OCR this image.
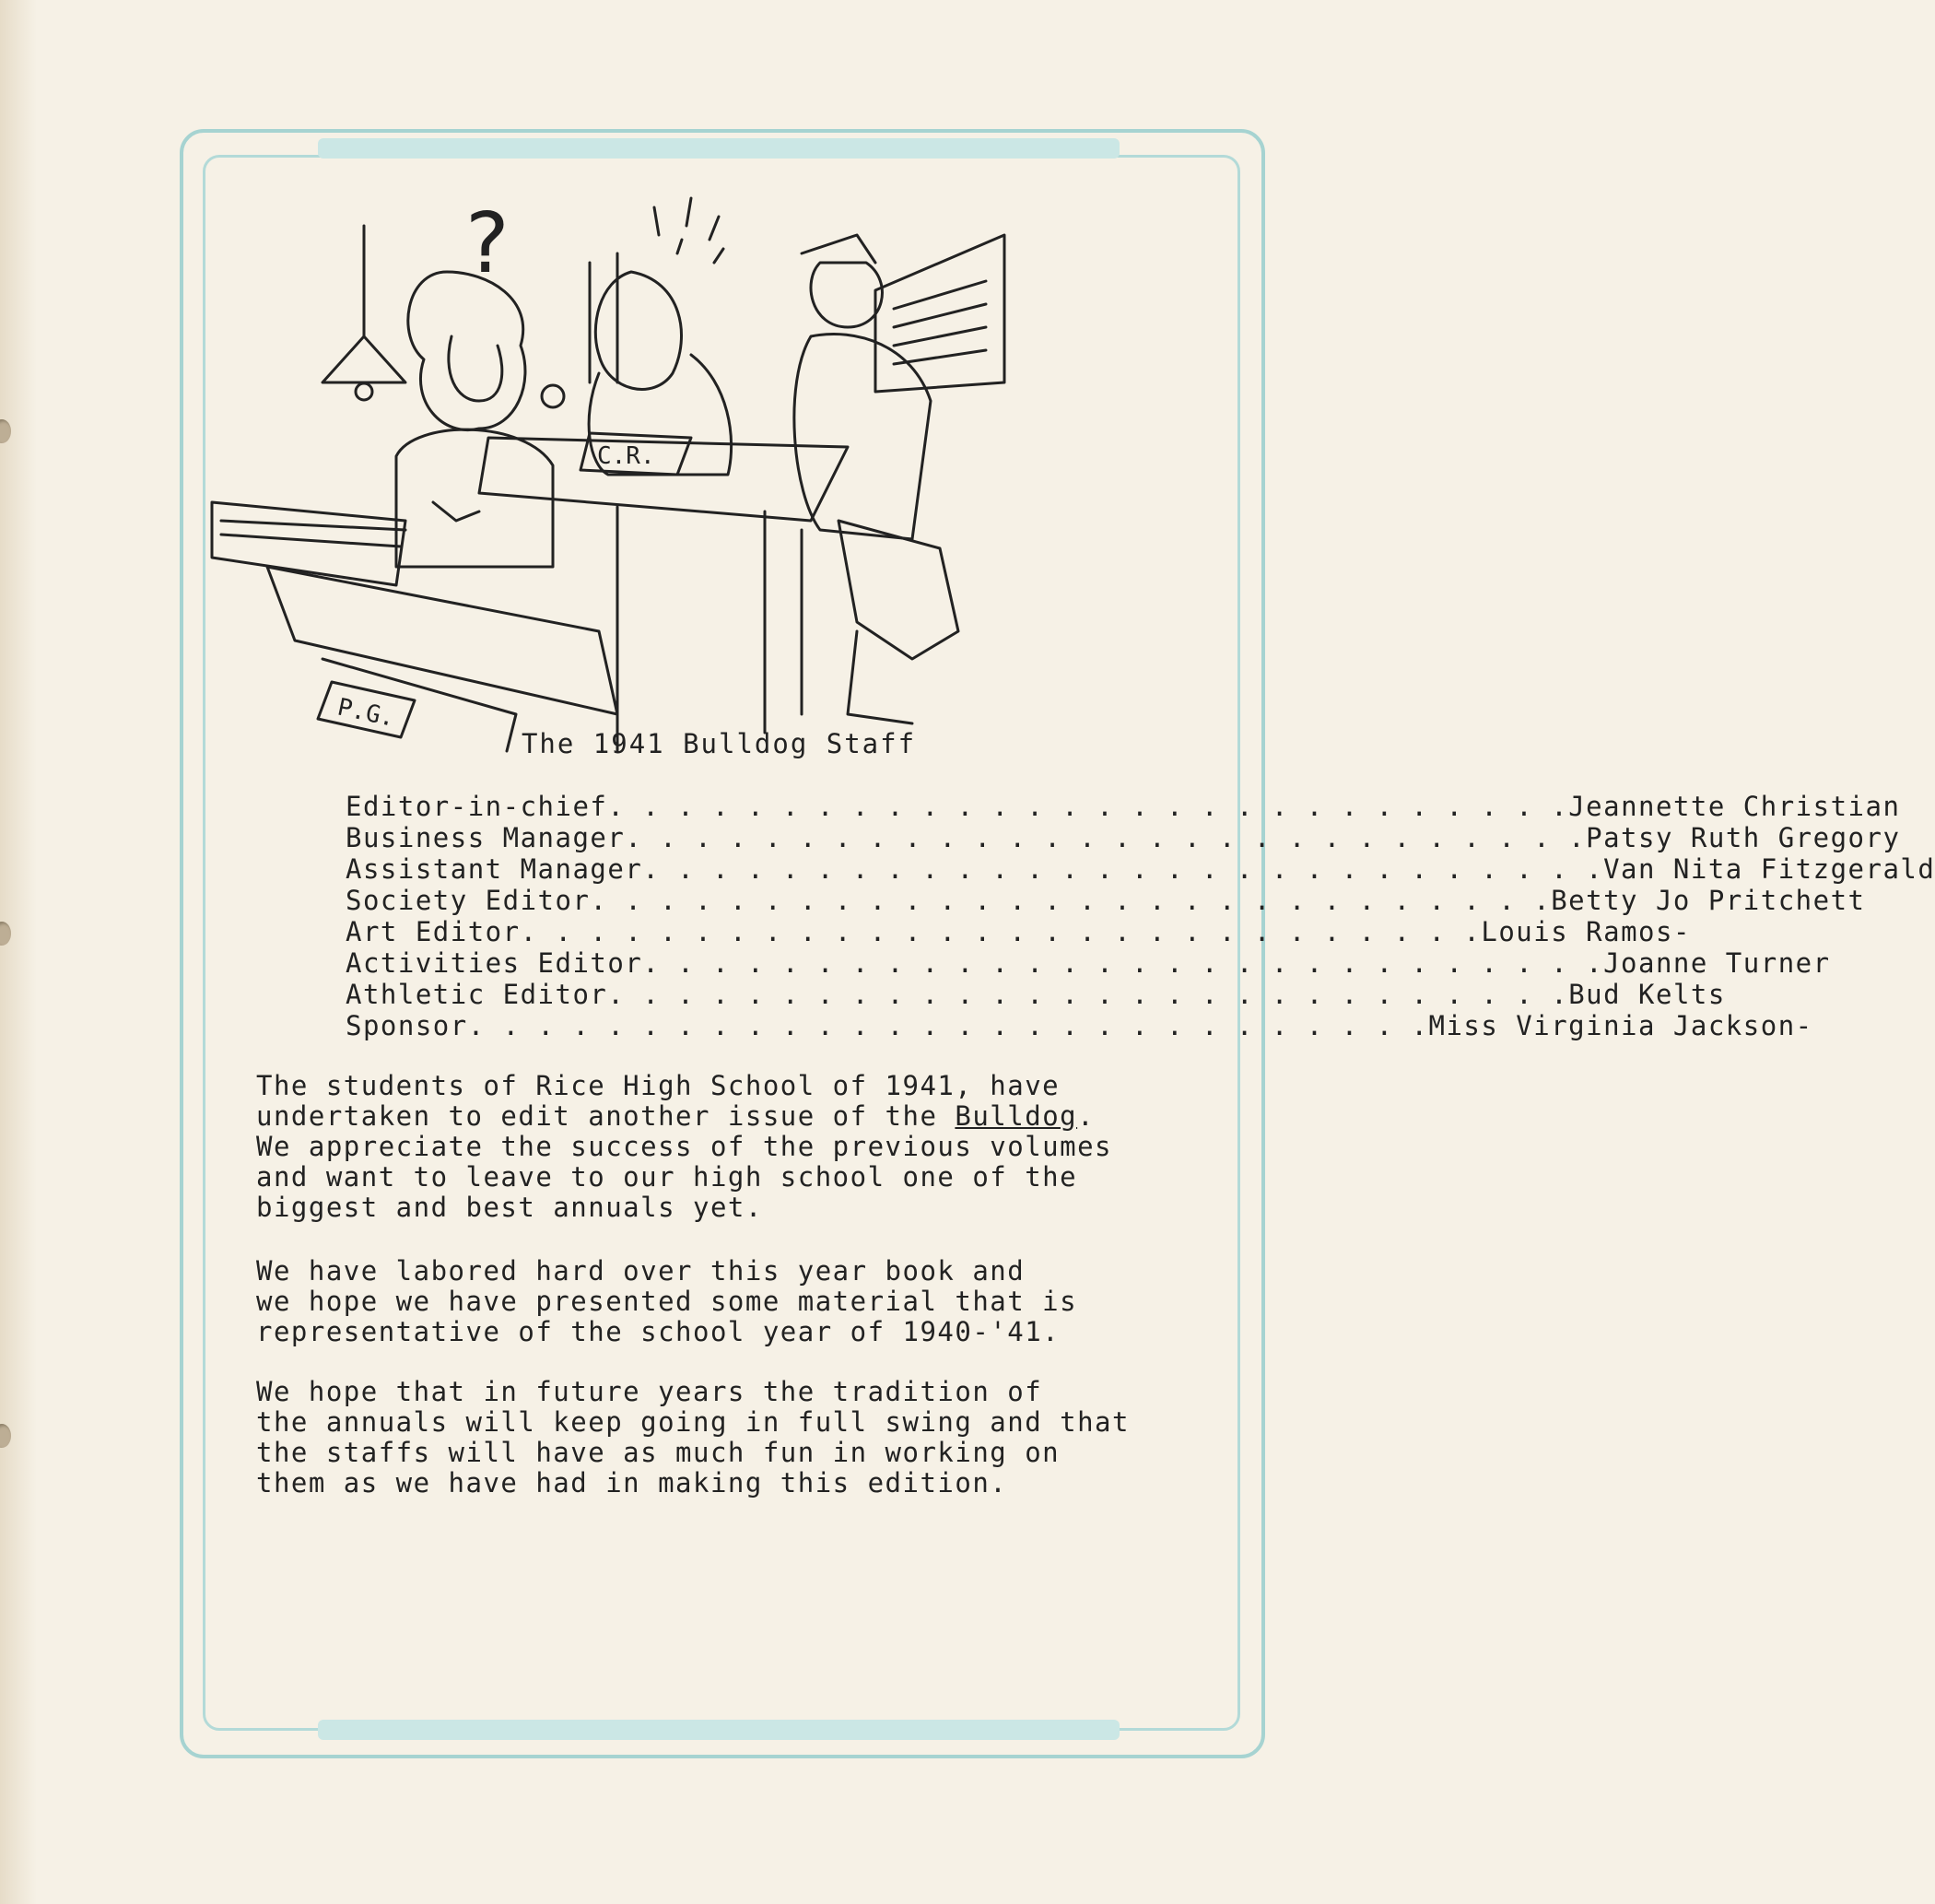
?
P.G.
C.R.
The 1941 Bulldog Staff
Editor-in-chief . . . . . . . . . . . . . . . . . . . . . . . . . . . . Jeannette Christian
Business Manager . . . . . . . . . . . . . . . . . . . . . . . . . . . . Patsy Ruth Gregory
Assistant Manager . . . . . . . . . . . . . . . . . . . . . . . . . . . . Van Nita Fitzgerald
Society Editor . . . . . . . . . . . . . . . . . . . . . . . . . . . . Betty Jo Pritchett
Art Editor . . . . . . . . . . . . . . . . . . . . . . . . . . . . Louis Ramos-
Activities Editor . . . . . . . . . . . . . . . . . . . . . . . . . . . . Joanne Turner
Athletic Editor . . . . . . . . . . . . . . . . . . . . . . . . . . . . Bud Kelts
Sponsor . . . . . . . . . . . . . . . . . . . . . . . . . . . . Miss Virginia Jackson-
The students of Rice High School of 1941, have
undertaken to edit another issue of the Bulldog.
We appreciate the success of the previous volumes
and want to leave to our high school one of the
biggest and best annuals yet.
We have labored hard over this year book and
we hope we have presented some material that is
representative of the school year of 1940-'41.
We hope that in future years the tradition of
the annuals will keep going in full swing and that
the staffs will have as much fun in working on
them as we have had in making this edition.
